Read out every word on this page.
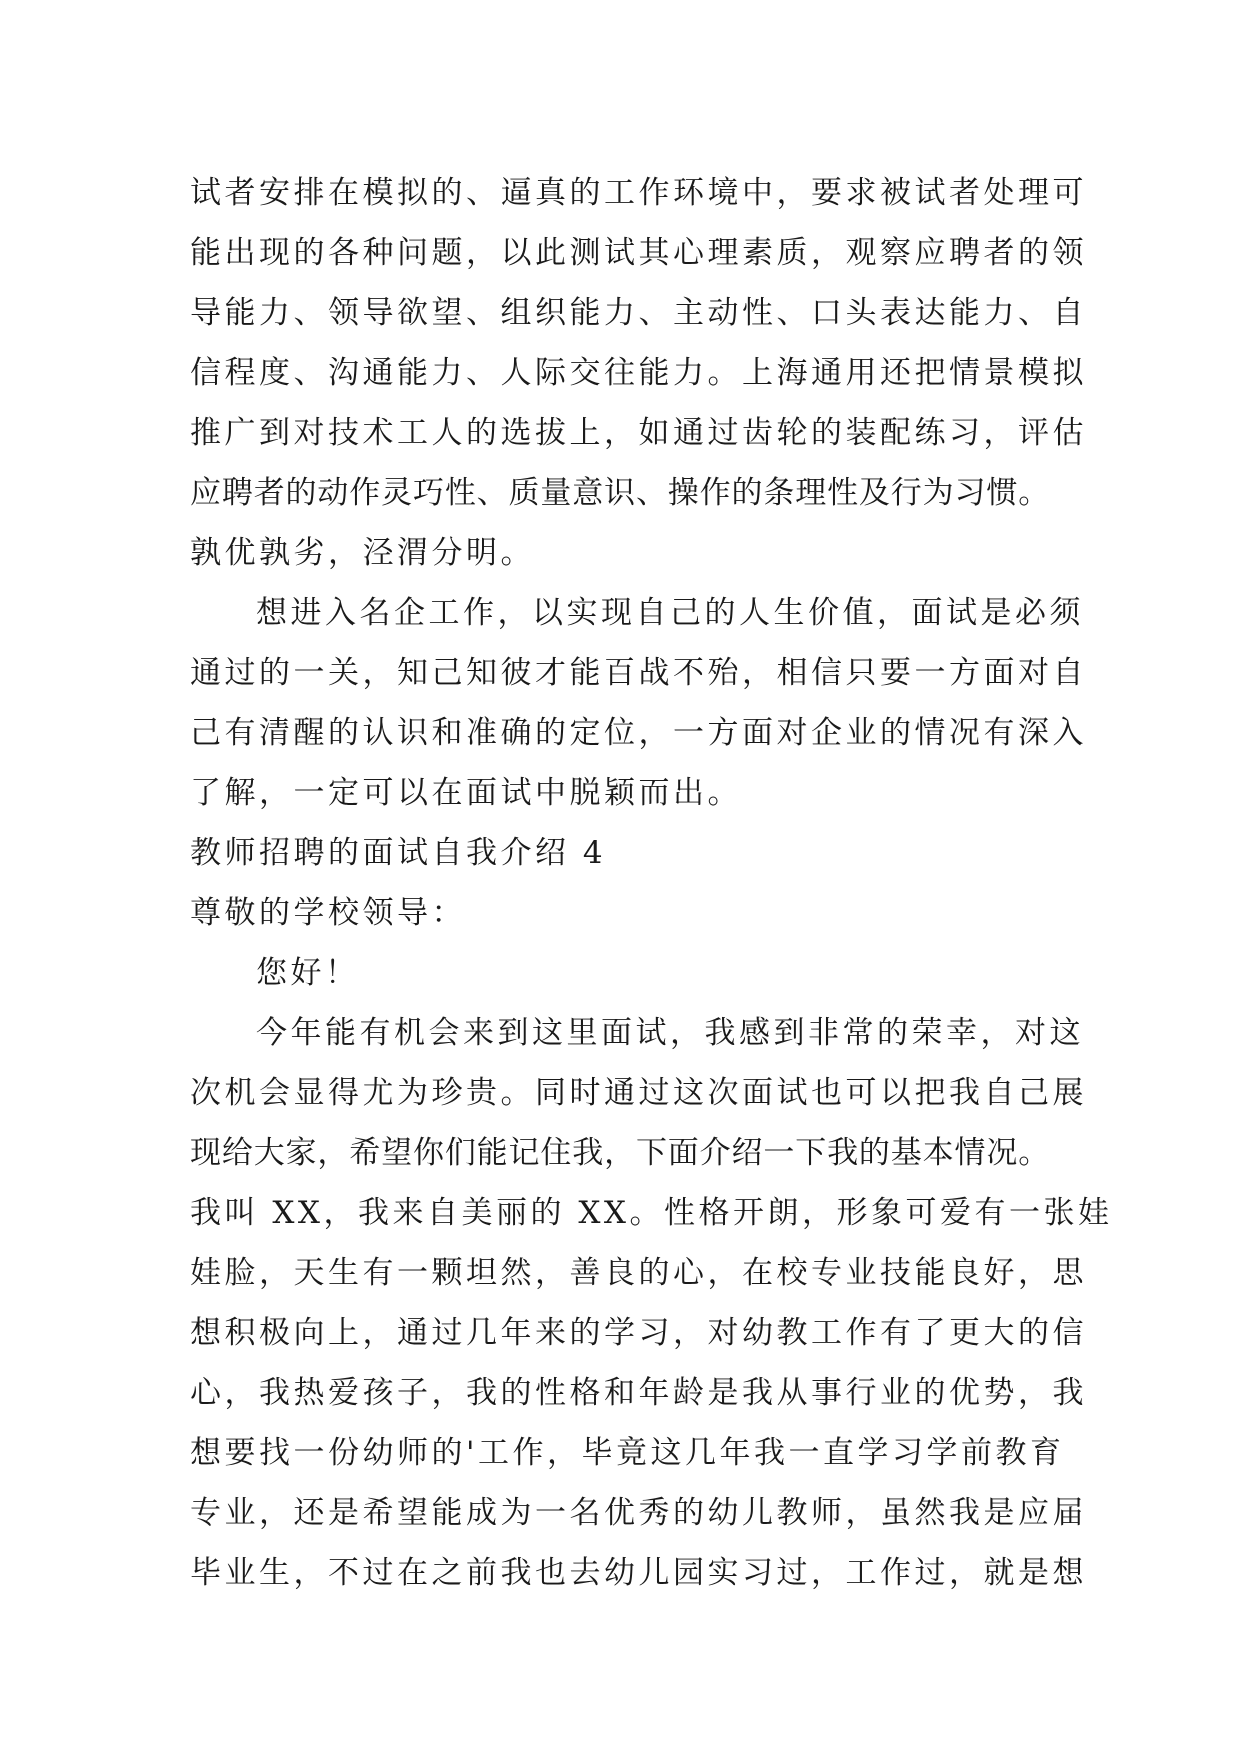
试者安排在模拟的、逼真的工作环境中，要求被试者处理可
能出现的各种问题，以此测试其心理素质，观察应聘者的领
导能力、领导欲望、组织能力、主动性、口头表达能力、自
信程度、沟通能力、人际交往能力。上海通用还把情景模拟
推广到对技术工人的选拔上，如通过齿轮的装配练习，评估
应聘者的动作灵巧性、质量意识、操作的条理性及行为习惯。
孰优孰劣，泾渭分明。
想进入名企工作，以实现自己的人生价值，面试是必须
通过的一关，知己知彼才能百战不殆，相信只要一方面对自
己有清醒的认识和准确的定位，一方面对企业的情况有深入
了解，一定可以在面试中脱颖而出。
教师招聘的面试自我介绍 4
尊敬的学校领导：
您好！
今年能有机会来到这里面试，我感到非常的荣幸，对这
次机会显得尤为珍贵。同时通过这次面试也可以把我自己展
现给大家，希望你们能记住我，下面介绍一下我的基本情况。
我叫 XX，我来自美丽的 XX。性格开朗，形象可爱有一张娃
娃脸，天生有一颗坦然，善良的心，在校专业技能良好，思
想积极向上，通过几年来的学习，对幼教工作有了更大的信
心，我热爱孩子，我的性格和年龄是我从事行业的优势，我
想要找一份幼师的'工作，毕竟这几年我一直学习学前教育
专业，还是希望能成为一名优秀的幼儿教师，虽然我是应届
毕业生，不过在之前我也去幼儿园实习过，工作过，就是想
